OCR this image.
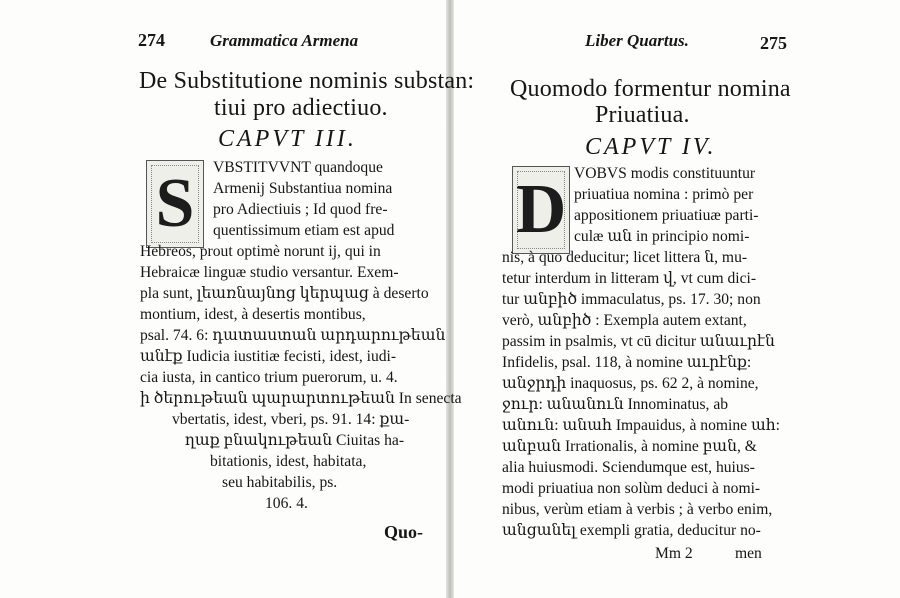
274	Grammatica Armena
De Substitutione nominis substan:
tiui pro adiectiuo.
CAPVT III.
S VBSTITVVNT quandoque
Armenij Substantiua nomina
pro Adiectiuis ; Id quod fre-
quentissimum etiam est apud
Hebreos, prout optimè norunt ij, qui in
Hebraicæ linguæ studio versantur. Exem-
pla sunt, լեառնայնոց կերպաց à deserto
montium, idest, à desertis montibus,
psal. 74. 6: դատաստան արդարութեան
անէք Iudicia iustitiæ fecisti, idest, iudi-
cia iusta, in cantico trium puerorum, u. 4.
ի ծերութեան պարարտութեան In senecta
vbertatis, idest, vberi, ps. 91. 14: քա-
ղաք բնակութեան Ciuitas ha-
bitationis, idest, habitata,
seu habitabilis, ps.
106. 4.
Quo-
Liber Quartus.	275
Quomodo formentur nomina
Priuatiua.
CAPVT IV.
D VOBVS modis constituuntur
priuatiua nomina : primò per
appositionem priuatiuæ parti-
culæ ան in principio nomi-
nis, à quo deducitur; licet littera ն, mu-
tetur interdum in litteram վ, vt cum dici-
tur անբիծ immaculatus, ps. 17. 30; non
verò, անբիծ : Exempla autem extant,
passim in psalmis, vt cū dicitur անաւրէն
Infidelis, psal. 118, à nomine աւրէնք:
անջրդի inaquosus, ps. 62 2, à nomine,
ջուր: անանուն Innominatus, ab
անուն: անահ Impauidus, à nomine ահ:
անբան Irrationalis, à nomine բան, &
alia huiusmodi. Sciendumque est, huius-
modi priuatiua non solùm deduci à nomi-
nibus, verùm etiam à verbis ; à verbo enim,
անցանել exempli gratia, deducitur no-
Mm 2	men
